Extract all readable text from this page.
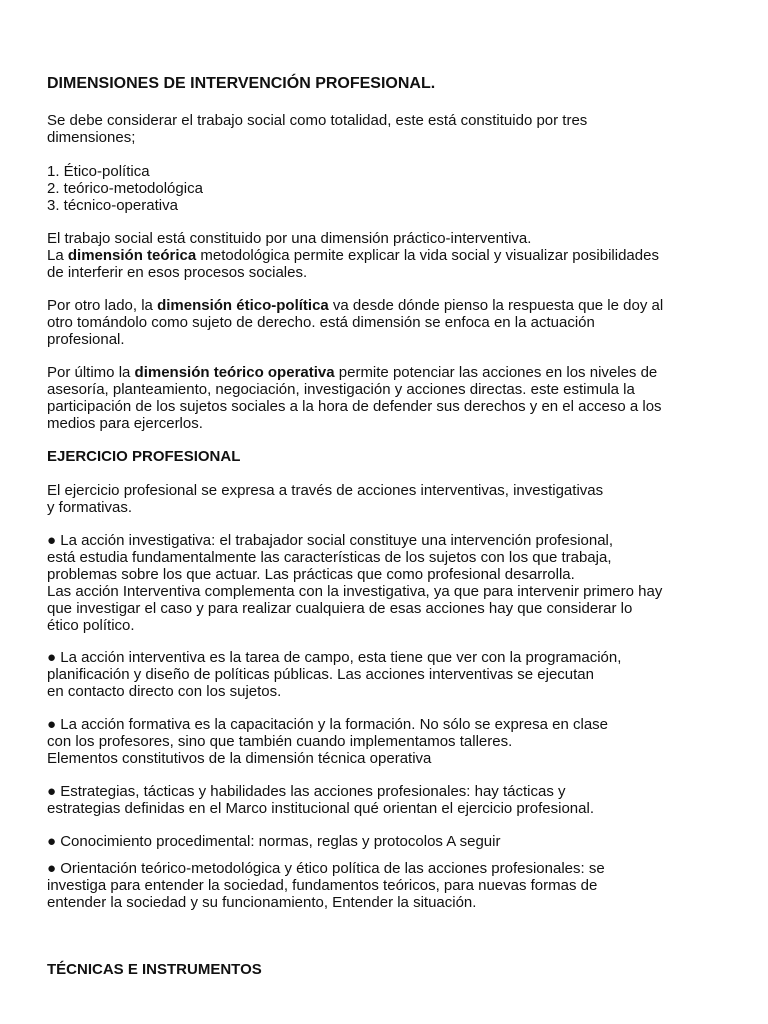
DIMENSIONES DE INTERVENCIÓN PROFESIONAL.

Se debe considerar el trabajo social como totalidad, este está constituido por tres
dimensiones;

1. Ético-política
2. teórico-metodológica
3. técnico-operativa

El trabajo social está constituido por una dimensión práctico-interventiva.
La dimensión teórica metodológica permite explicar la vida social y visualizar posibilidades
de interferir en esos procesos sociales.

Por otro lado, la dimensión ético-política va desde dónde pienso la respuesta que le doy al
otro tomándolo como sujeto de derecho. está dimensión se enfoca en la actuación
profesional.

Por último la dimensión teórico operativa permite potenciar las acciones en los niveles de
asesoría, planteamiento, negociación, investigación y acciones directas. este estimula la
participación de los sujetos sociales a la hora de defender sus derechos y en el acceso a los
medios para ejercerlos.

EJERCICIO PROFESIONAL

El ejercicio profesional se expresa a través de acciones interventivas, investigativas
y formativas.

● La acción investigativa: el trabajador social constituye una intervención profesional,
está estudia fundamentalmente las características de los sujetos con los que trabaja,
problemas sobre los que actuar. Las prácticas que como profesional desarrolla.
Las acción Interventiva complementa con la investigativa, ya que para intervenir primero hay
que investigar el caso y para realizar cualquiera de esas acciones hay que considerar lo
ético político.

● La acción interventiva es la tarea de campo, esta tiene que ver con la programación,
planificación y diseño de políticas públicas. Las acciones interventivas se ejecutan
en contacto directo con los sujetos.

● La acción formativa es la capacitación y la formación. No sólo se expresa en clase
con los profesores, sino que también cuando implementamos talleres.
Elementos constitutivos de la dimensión técnica operativa

● Estrategias, tácticas y habilidades las acciones profesionales: hay tácticas y
estrategias definidas en el Marco institucional qué orientan el ejercicio profesional.

● Conocimiento procedimental: normas, reglas y protocolos A seguir

● Orientación teórico-metodológica y ético política de las acciones profesionales: se
investiga para entender la sociedad, fundamentos teóricos, para nuevas formas de
entender la sociedad y su funcionamiento, Entender la situación.

TÉCNICAS E INSTRUMENTOS
